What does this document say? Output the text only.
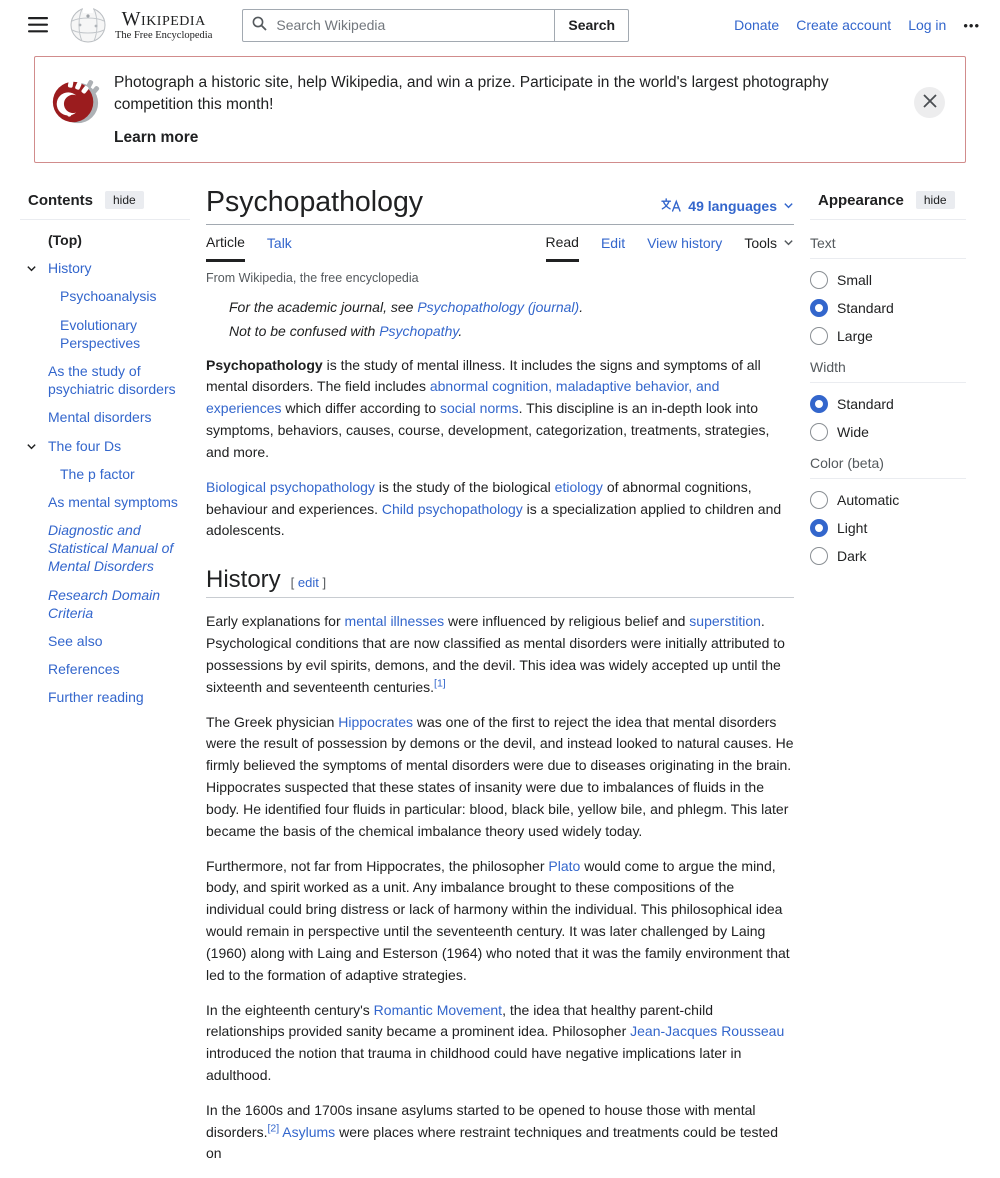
Wikipedia
The Free Encyclopedia
Search Wikipedia
Search	Donate Create account Log in •••
Photograph a historic site, help Wikipedia, and win a prize. Participate in the world's largest photography competition this month!
Learn more
Contents	hide
(Top)
History
Psychoanalysis
Evolutionary Perspectives
As the study of psychiatric disorders
Mental disorders
The four Ds
The p factor
As mental symptoms
Diagnostic and Statistical Manual of Mental Disorders
Research Domain Criteria
See also
References
Further reading
Psychopathology	49 languages
Article Talk	Read Edit View history Tools
From Wikipedia, the free encyclopedia
For the academic journal, see Psychopathology (journal).
Not to be confused with Psychopathy.

Psychopathology is the study of mental illness. It includes the signs and symptoms of all mental disorders. The field includes abnormal cognition, maladaptive behavior, and experiences which differ according to social norms. This discipline is an in-depth look into symptoms, behaviors, causes, course, development, categorization, treatments, strategies, and more.

Biological psychopathology is the study of the biological etiology of abnormal cognitions, behaviour and experiences. Child psychopathology is a specialization applied to children and adolescents.

History [ edit ]

Early explanations for mental illnesses were influenced by religious belief and superstition. Psychological conditions that are now classified as mental disorders were initially attributed to possessions by evil spirits, demons, and the devil. This idea was widely accepted up until the sixteenth and seventeenth centuries.[1]

The Greek physician Hippocrates was one of the first to reject the idea that mental disorders were the result of possession by demons or the devil, and instead looked to natural causes. He firmly believed the symptoms of mental disorders were due to diseases originating in the brain. Hippocrates suspected that these states of insanity were due to imbalances of fluids in the body. He identified four fluids in particular: blood, black bile, yellow bile, and phlegm. This later became the basis of the chemical imbalance theory used widely today.

Furthermore, not far from Hippocrates, the philosopher Plato would come to argue the mind, body, and spirit worked as a unit. Any imbalance brought to these compositions of the individual could bring distress or lack of harmony within the individual. This philosophical idea would remain in perspective until the seventeenth century. It was later challenged by Laing (1960) along with Laing and Esterson (1964) who noted that it was the family environment that led to the formation of adaptive strategies.

In the eighteenth century's Romantic Movement, the idea that healthy parent-child relationships provided sanity became a prominent idea. Philosopher Jean-Jacques Rousseau introduced the notion that trauma in childhood could have negative implications later in adulthood.

In the 1600s and 1700s insane asylums started to be opened to house those with mental disorders.[2] Asylums were places where restraint techniques and treatments could be tested on

Appearance	hide
Text
Small
Standard
Large
Width
Standard
Wide
Color (beta)
Automatic
Light
Dark
